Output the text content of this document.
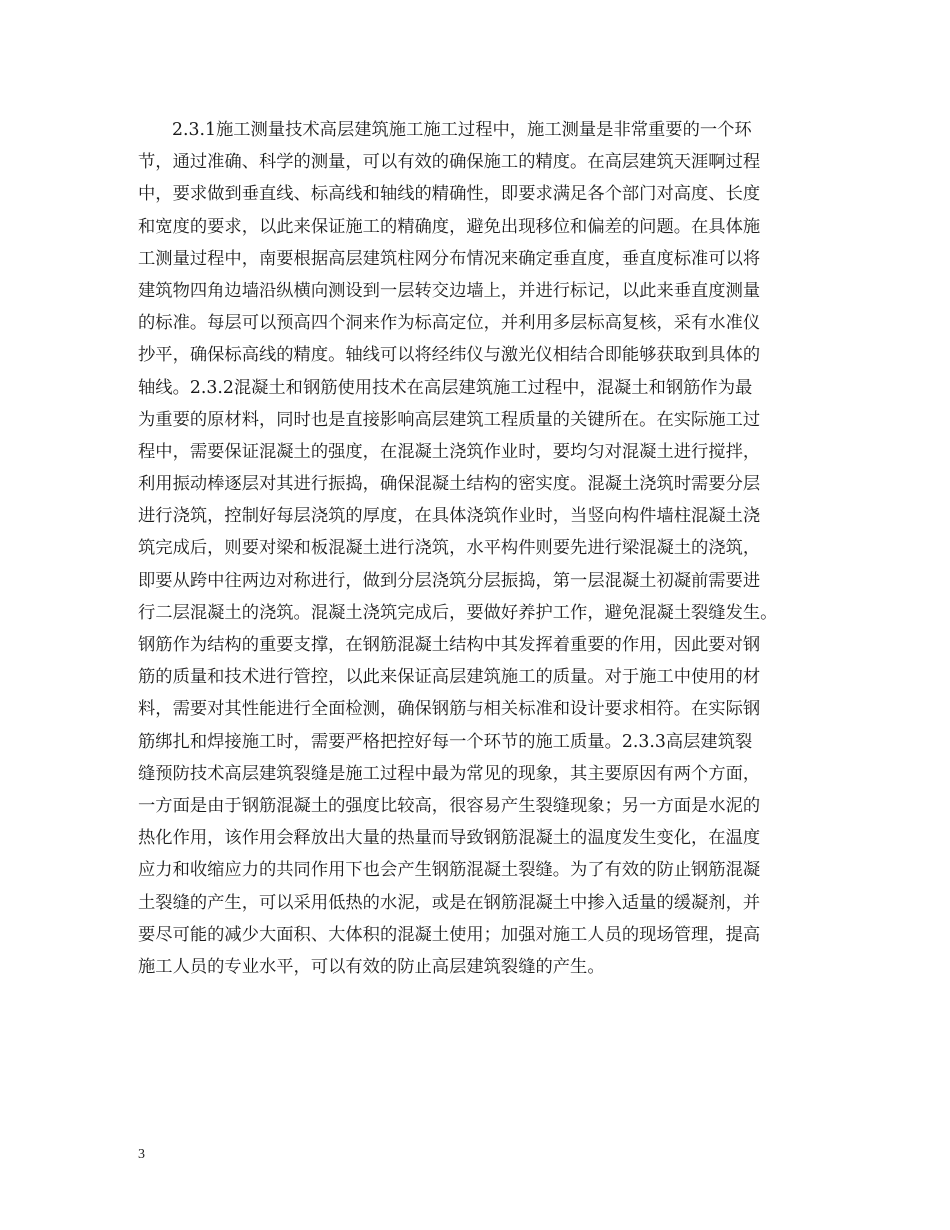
2.3.1施工测量技术高层建筑施工施工过程中，施工测量是非常重要的一个环
节，通过准确、科学的测量，可以有效的确保施工的精度。在高层建筑天涯啊过程
中，要求做到垂直线、标高线和轴线的精确性，即要求满足各个部门对高度、长度
和宽度的要求，以此来保证施工的精确度，避免出现移位和偏差的问题。在具体施
工测量过程中，南要根据高层建筑柱网分布情况来确定垂直度，垂直度标准可以将
建筑物四角边墙沿纵横向测设到一层转交边墙上，并进行标记，以此来垂直度测量
的标准。每层可以预高四个洞来作为标高定位，并利用多层标高复核，采有水准仪
抄平，确保标高线的精度。轴线可以将经纬仪与激光仪相结合即能够获取到具体的
轴线。2.3.2混凝土和钢筋使用技术在高层建筑施工过程中，混凝土和钢筋作为最
为重要的原材料，同时也是直接影响高层建筑工程质量的关键所在。在实际施工过
程中，需要保证混凝土的强度，在混凝土浇筑作业时，要均匀对混凝土进行搅拌，
利用振动棒逐层对其进行振捣，确保混凝土结构的密实度。混凝土浇筑时需要分层
进行浇筑，控制好每层浇筑的厚度，在具体浇筑作业时，当竖向构件墙柱混凝土浇
筑完成后，则要对梁和板混凝土进行浇筑，水平构件则要先进行梁混凝土的浇筑，
即要从跨中往两边对称进行，做到分层浇筑分层振捣，第一层混凝土初凝前需要进
行二层混凝土的浇筑。混凝土浇筑完成后，要做好养护工作，避免混凝土裂缝发生。
钢筋作为结构的重要支撑，在钢筋混凝土结构中其发挥着重要的作用，因此要对钢
筋的质量和技术进行管控，以此来保证高层建筑施工的质量。对于施工中使用的材
料，需要对其性能进行全面检测，确保钢筋与相关标准和设计要求相符。在实际钢
筋绑扎和焊接施工时，需要严格把控好每一个环节的施工质量。2.3.3高层建筑裂
缝预防技术高层建筑裂缝是施工过程中最为常见的现象，其主要原因有两个方面，
一方面是由于钢筋混凝土的强度比较高，很容易产生裂缝现象；另一方面是水泥的
热化作用，该作用会释放出大量的热量而导致钢筋混凝土的温度发生变化，在温度
应力和收缩应力的共同作用下也会产生钢筋混凝土裂缝。为了有效的防止钢筋混凝
土裂缝的产生，可以采用低热的水泥，或是在钢筋混凝土中掺入适量的缓凝剂，并
要尽可能的减少大面积、大体积的混凝土使用；加强对施工人员的现场管理，提高
施工人员的专业水平，可以有效的防止高层建筑裂缝的产生。
3
